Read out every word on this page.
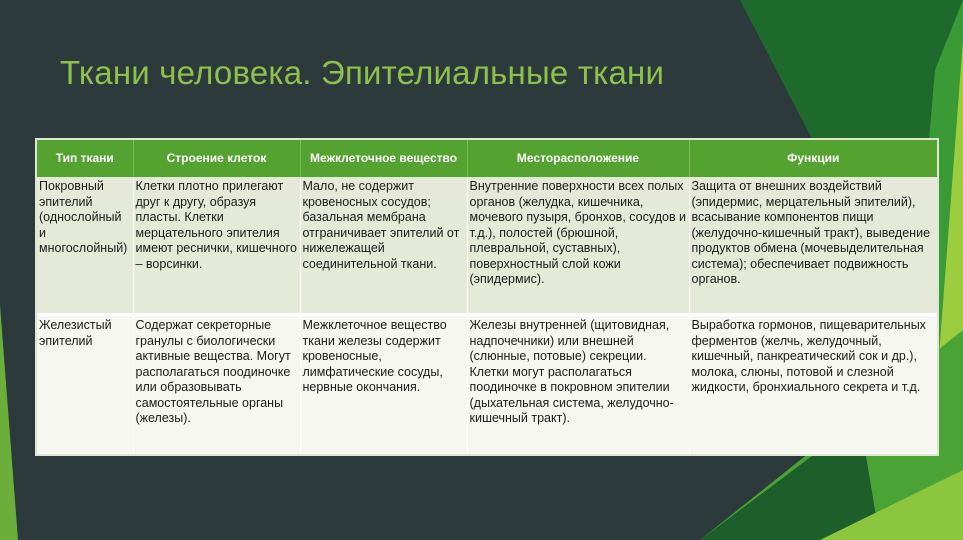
Ткани человека. Эпителиальные ткани
Тип ткани	Строение клеток	Межклеточное вещество	Месторасположение	Функции
Покровный эпителий (однослойный и многослойный)	Клетки плотно прилегают друг к другу, образуя пласты. Клетки мерцательного эпителия имеют реснички, кишечного – ворсинки.	Мало, не содержит кровеносных сосудов; базальная мембрана отграничивает эпителий от нижележащей соединительной ткани.	Внутренние поверхности всех полых органов (желудка, кишечника, мочевого пузыря, бронхов, сосудов и т.д.), полостей (брюшной, плевральной, суставных), поверхностный слой кожи (эпидермис).	Защита от внешних воздействий (эпидермис, мерцательный эпителий), всасывание компонентов пищи (желудочно-кишечный тракт), выведение продуктов обмена (мочевыделительная система); обеспечивает подвижность органов.
Железистый эпителий	Содержат секреторные гранулы с биологически активные вещества. Могут располагаться поодиночке или образовывать самостоятельные органы (железы).	Межклеточное вещество ткани железы содержит кровеносные, лимфатические сосуды, нервные окончания.	Железы внутренней (щитовидная, надпочечники) или внешней (слюнные, потовые) секреции. Клетки могут располагаться поодиночке в покровном эпителии (дыхательная система, желудочно-кишечный тракт).	Выработка гормонов, пищеварительных ферментов (желчь, желудочный, кишечный, панкреатический сок и др.), молока, слюны, потовой и слезной жидкости, бронхиального секрета и т.д.
